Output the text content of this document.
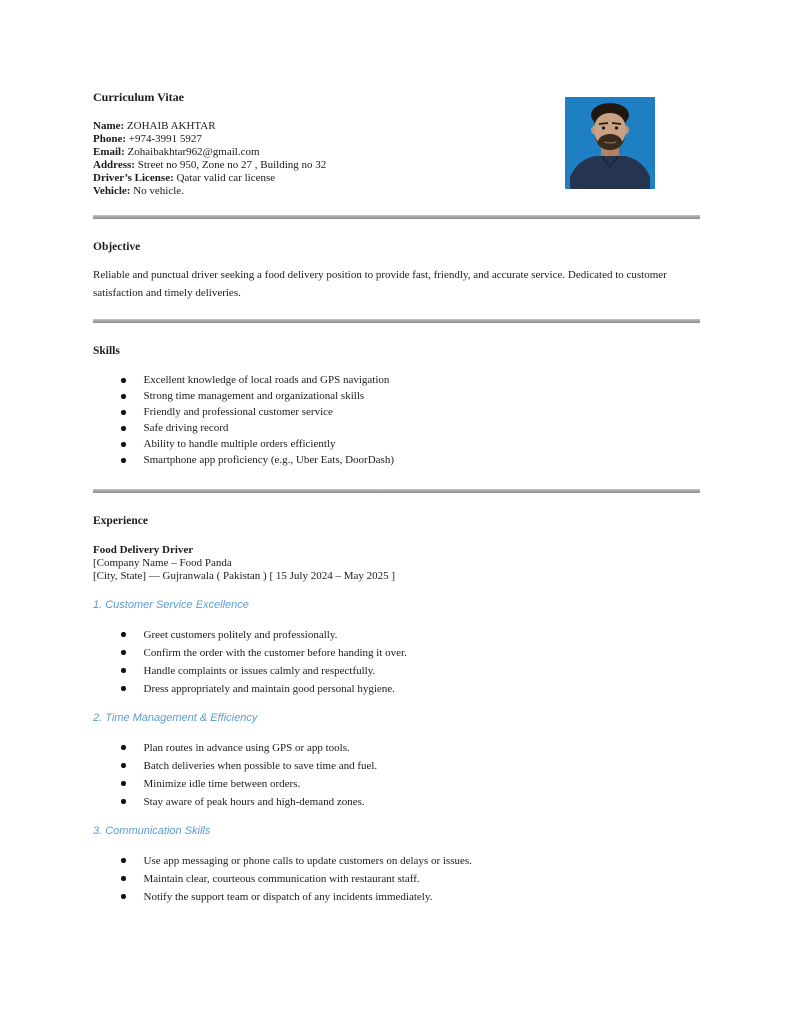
Curriculum Vitae

Name: ZOHAIB AKHTAR

Phone: +974-3991 5927

Email: Zohaibakhtar962@gmail.com

Address: Street no 950, Zone no 27 , Building no 32

Driver’s License: Qatar valid car license

Vehicle: No vehicle.

Objective

Reliable and punctual driver seeking a food delivery position to provide fast, friendly, and accurate service. Dedicated to customer satisfaction and timely deliveries.

Skills

Excellent knowledge of local roads and GPS navigation
Strong time management and organizational skills
Friendly and professional customer service
Safe driving record
Ability to handle multiple orders efficiently
Smartphone app proficiency (e.g., Uber Eats, DoorDash)

Experience

Food Delivery Driver

[Company Name – Food Panda

[City, State] — Gujranwala ( Pakistan ) [ 15 July 2024 – May 2025 ]

1. Customer Service Excellence

Greet customers politely and professionally.
Confirm the order with the customer before handing it over.
Handle complaints or issues calmly and respectfully.
Dress appropriately and maintain good personal hygiene.

2. Time Management & Efficiency

Plan routes in advance using GPS or app tools.
Batch deliveries when possible to save time and fuel.
Minimize idle time between orders.
Stay aware of peak hours and high-demand zones.

3. Communication Skills

Use app messaging or phone calls to update customers on delays or issues.
Maintain clear, courteous communication with restaurant staff.
Notify the support team or dispatch of any incidents immediately.
